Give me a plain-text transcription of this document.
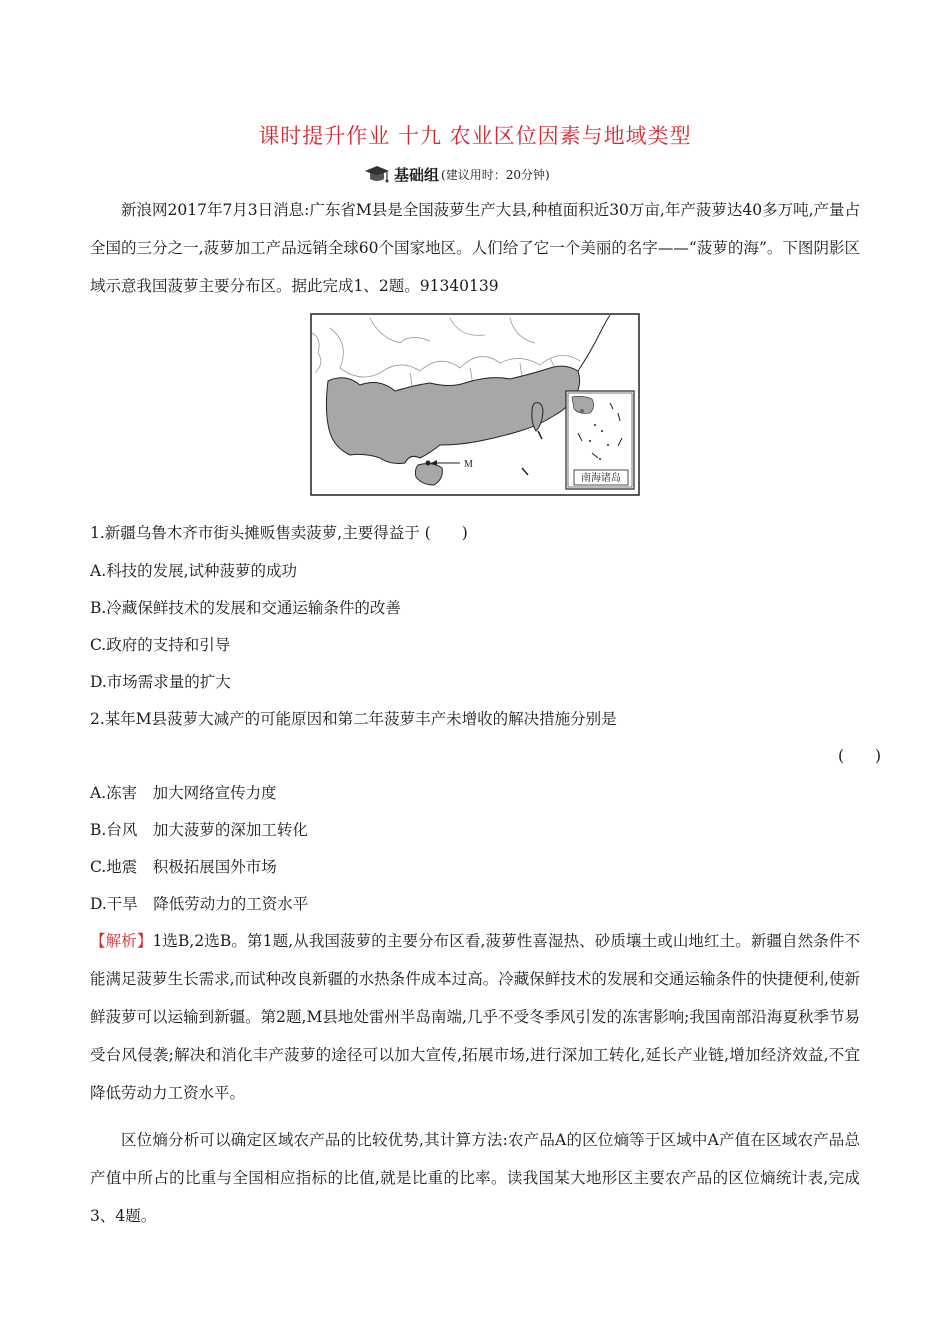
课时提升作业 十九 农业区位因素与地域类型
基础组 (建议用时：20分钟)
新浪网2017年7月3日消息:广东省M县是全国菠萝生产大县,种植面积近30万亩,年产菠萝达40多万吨,产量占全国的三分之一,菠萝加工产品远销全球60个国家地区。人们给了它一个美丽的名字——“菠萝的海”。下图阴影区域示意我国菠萝主要分布区。据此完成1、2题。91340139
M
南海诸岛
1.新疆乌鲁木齐市街头摊贩售卖菠萝,主要得益于 (　　)
A.科技的发展,试种菠萝的成功
B.冷藏保鲜技术的发展和交通运输条件的改善
C.政府的支持和引导
D.市场需求量的扩大
2.某年M县菠萝大减产的可能原因和第二年菠萝丰产未增收的解决措施分别是
(　　)
A.冻害　加大网络宣传力度
B.台风　加大菠萝的深加工转化
C.地震　积极拓展国外市场
D.干旱　降低劳动力的工资水平
【解析】1选B,2选B。第1题,从我国菠萝的主要分布区看,菠萝性喜湿热、砂质壤土或山地红土。新疆自然条件不能满足菠萝生长需求,而试种改良新疆的水热条件成本过高。冷藏保鲜技术的发展和交通运输条件的快捷便利,使新鲜菠萝可以运输到新疆。第2题,M县地处雷州半岛南端,几乎不受冬季风引发的冻害影响;我国南部沿海夏秋季节易受台风侵袭;解决和消化丰产菠萝的途径可以加大宣传,拓展市场,进行深加工转化,延长产业链,增加经济效益,不宜降低劳动力工资水平。
区位熵分析可以确定区域农产品的比较优势,其计算方法:农产品A的区位熵等于区域中A产值在区域农产品总产值中所占的比重与全国相应指标的比值,就是比重的比率。读我国某大地形区主要农产品的区位熵统计表,完成3、4题。
